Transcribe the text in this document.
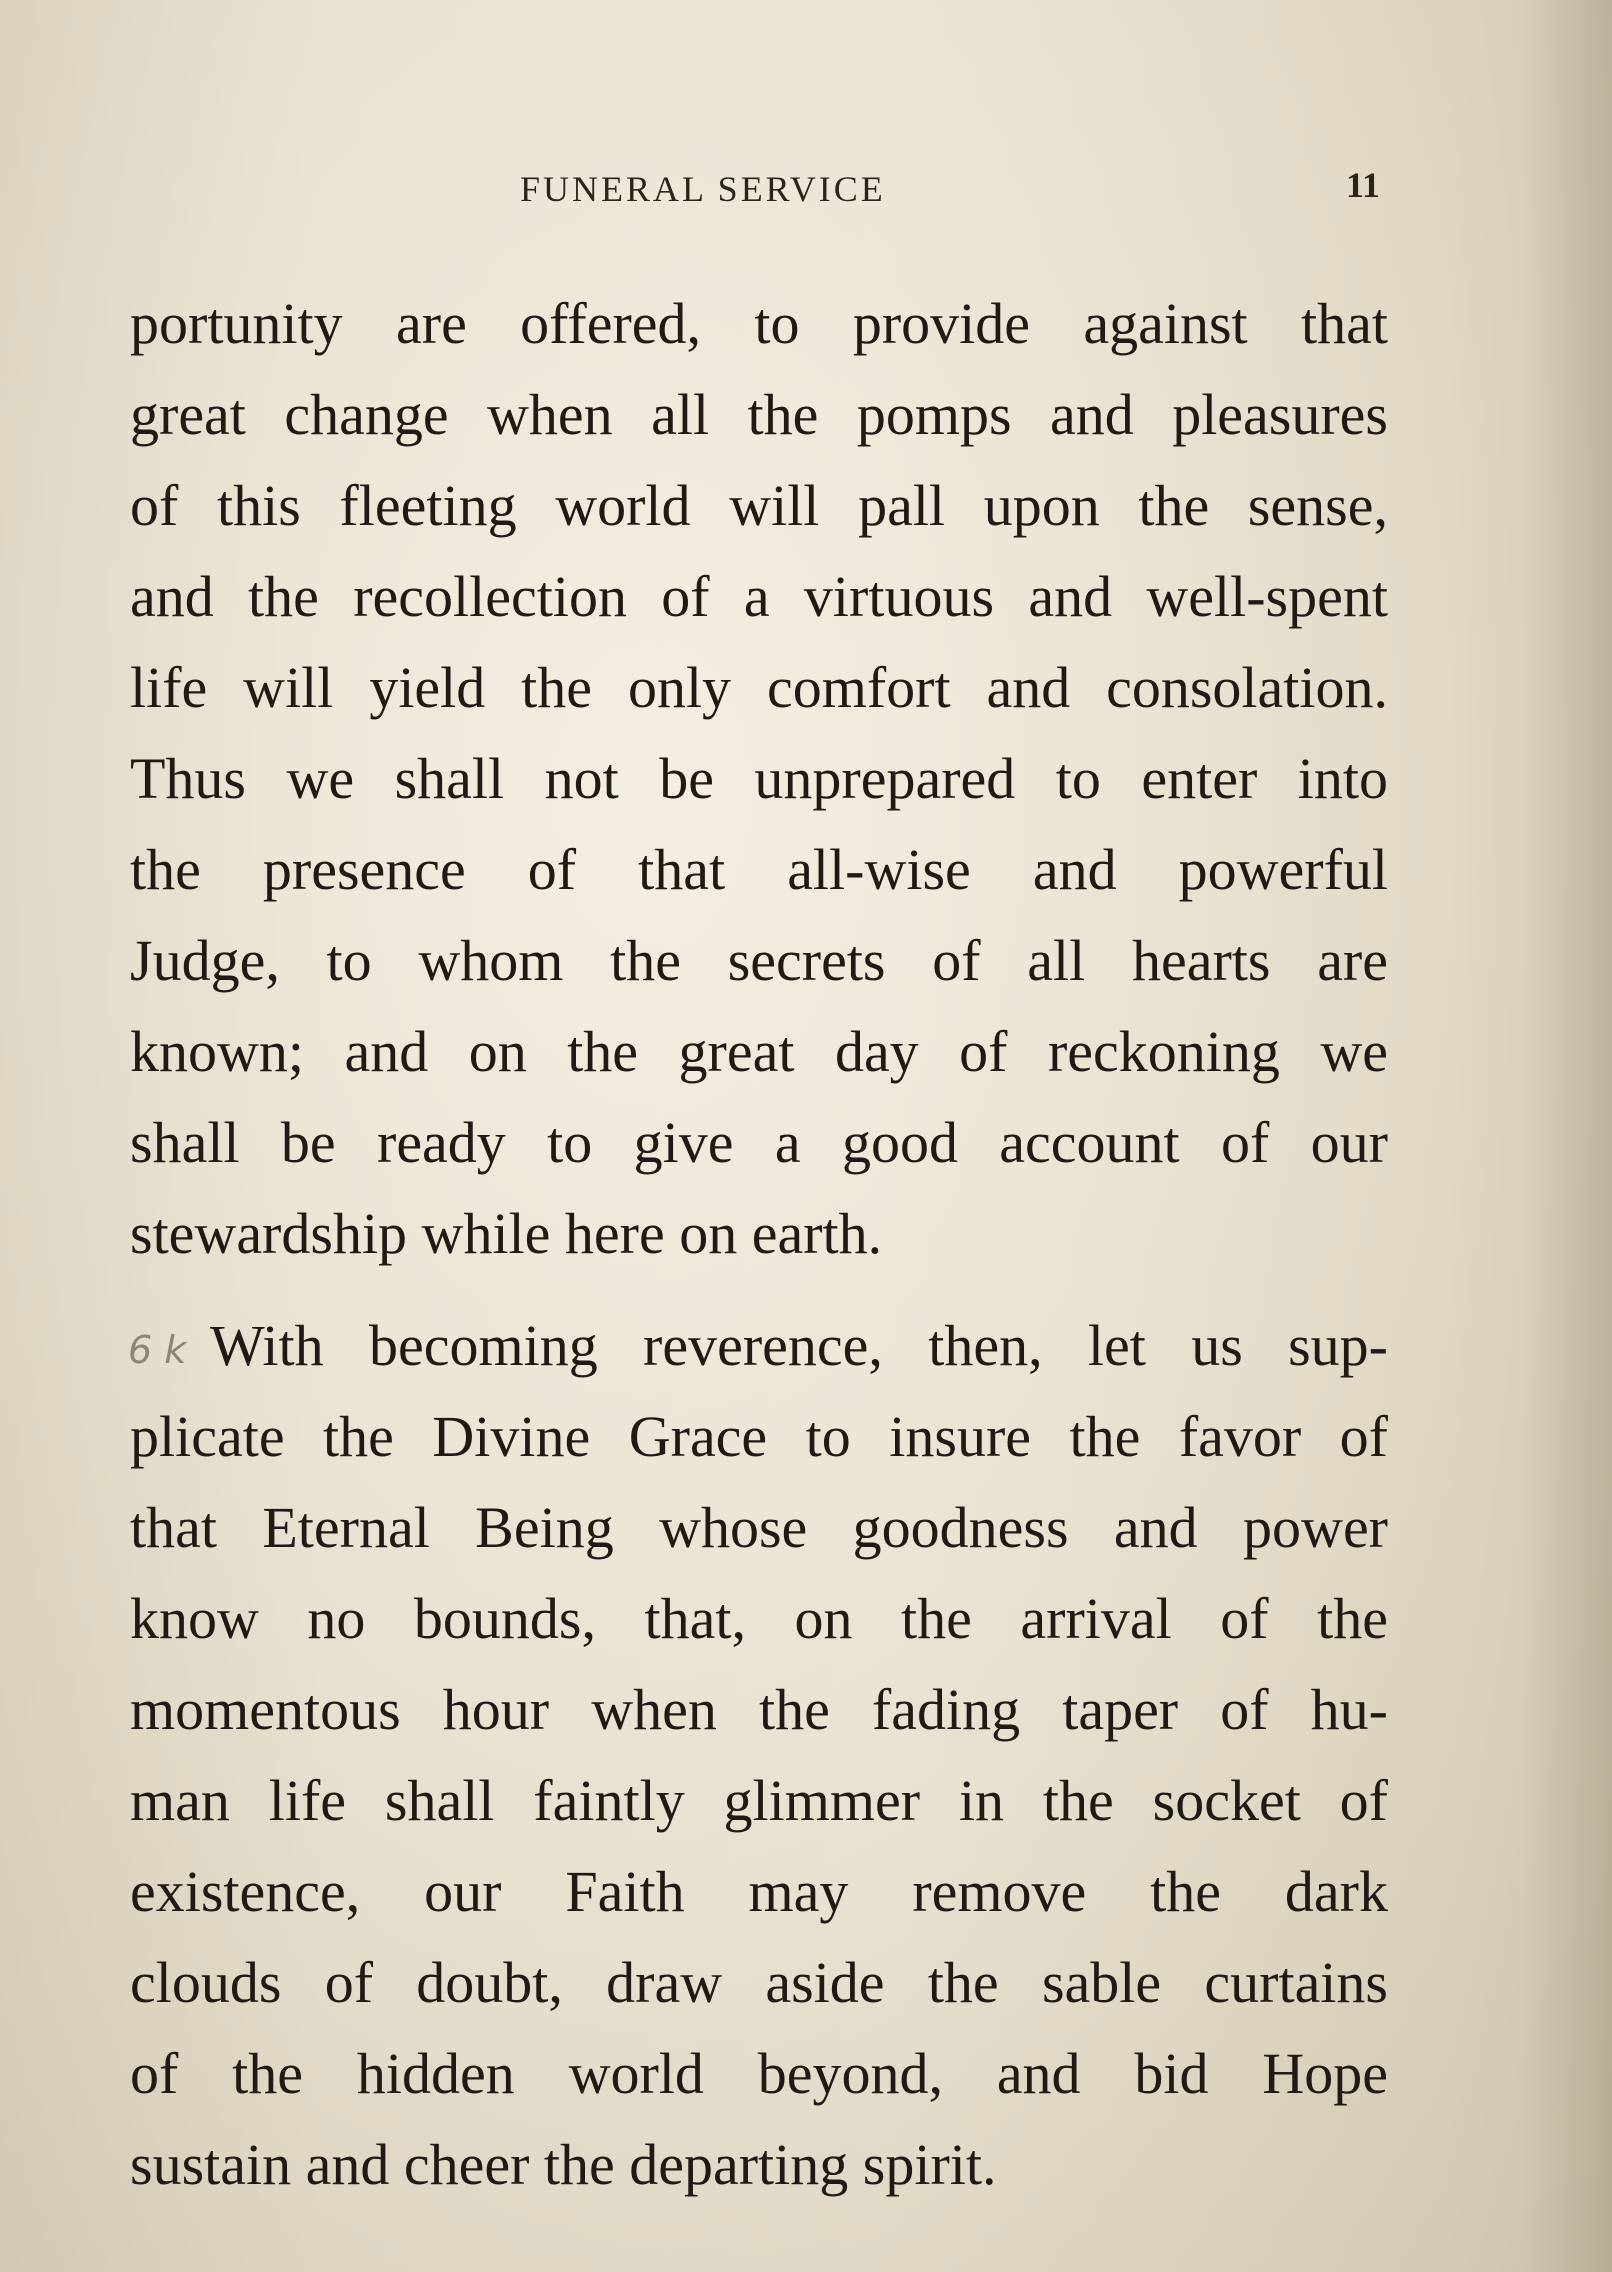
FUNERAL SERVICE	11
portunity are offered, to provide against that
great change when all the pomps and pleasures
of this fleeting world will pall upon the sense,
and the recollection of a virtuous and well-spent
life will yield the only comfort and consolation.
Thus we shall not be unprepared to enter into
the presence of that all-wise and powerful
Judge, to whom the secrets of all hearts are
known; and on the great day of reckoning we
shall be ready to give a good account of our
stewardship while here on earth.
6 k With becoming reverence, then, let us sup-
plicate the Divine Grace to insure the favor of
that Eternal Being whose goodness and power
know no bounds, that, on the arrival of the
momentous hour when the fading taper of hu-
man life shall faintly glimmer in the socket of
existence, our Faith may remove the dark
clouds of doubt, draw aside the sable curtains
of the hidden world beyond, and bid Hope
sustain and cheer the departing spirit.
